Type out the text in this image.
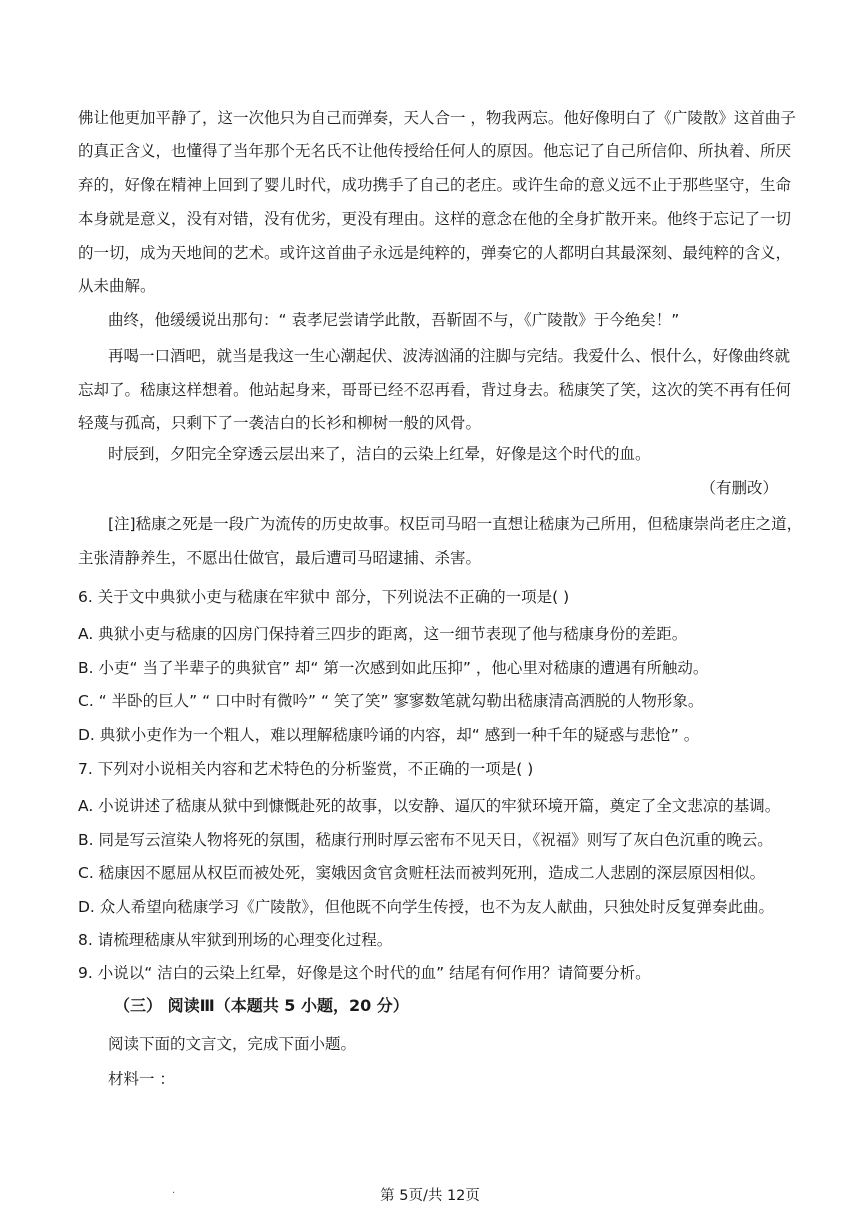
佛让他更加平静了，这一次他只为自己而弹奏，天人合一 ，物我两忘。他好像明白了《广陵散》这首曲子
的真正含义，也懂得了当年那个无名氏不让他传授给任何人的原因。他忘记了自己所信仰、所执着、所厌
弃的，好像在精神上回到了婴儿时代，成功携手了自己的老庄。或许生命的意义远不止于那些坚守，生命
本身就是意义，没有对错，没有优劣，更没有理由。这样的意念在他的全身扩散开来。他终于忘记了一切
的一切，成为天地间的艺术。或许这首曲子永远是纯粹的，弹奏它的人都明白其最深刻、最纯粹的含义，
从未曲解。
曲终，他缓缓说出那句：“ 袁孝尼尝请学此散，吾靳固不与，《广陵散》于今绝矣！”
再喝一口酒吧，就当是我这一生心潮起伏、波涛汹涌的注脚与完结。我爱什么、恨什么，好像曲终就
忘却了。嵇康这样想着。他站起身来，哥哥已经不忍再看，背过身去。嵇康笑了笑，这次的笑不再有任何
轻蔑与孤高，只剩下了一袭洁白的长衫和柳树一般的风骨。
时辰到，夕阳完全穿透云层出来了，洁白的云染上红晕，好像是这个时代的血。
（有删改）
[注]嵇康之死是一段广为流传的历史故事。权臣司马昭一直想让嵇康为己所用，但嵇康崇尚老庄之道，
主张清静养生，不愿出仕做官，最后遭司马昭逮捕、杀害。
6. 关于文中典狱小吏与嵇康在牢狱中 部分，下列说法不正确的一项是( )
A. 典狱小吏与嵇康的囚房门保持着三四步的距离，这一细节表现了他与嵇康身份的差距。
B. 小吏“ 当了半辈子的典狱官” 却“ 第一次感到如此压抑” ，他心里对嵇康的遭遇有所触动。
C. “ 半卧的巨人” “ 口中时有微吟” “ 笑了笑” 寥寥数笔就勾勒出嵇康清高洒脱的人物形象。
D. 典狱小吏作为一个粗人，难以理解嵇康吟诵的内容，却“ 感到一种千年的疑惑与悲怆” 。
7. 下列对小说相关内容和艺术特色的分析鉴赏，不正确的一项是( )
A. 小说讲述了嵇康从狱中到慷慨赴死的故事，以安静、逼仄的牢狱环境开篇，奠定了全文悲凉的基调。
B. 同是写云渲染人物将死的氛围，嵇康行刑时厚云密布不见天日，《祝福》则写了灰白色沉重的晚云。
C. 嵇康因不愿屈从权臣而被处死，窦娥因贪官贪赃枉法而被判死刑，造成二人悲剧的深层原因相似。
D. 众人希望向嵇康学习《广陵散》，但他既不向学生传授，也不为友人献曲，只独处时反复弹奏此曲。
8. 请梳理嵇康从牢狱到刑场的心理变化过程。
9. 小说以“ 洁白的云染上红晕，好像是这个时代的血” 结尾有何作用？请简要分析。
（三） 阅读Ⅲ（本题共 5 小题，20 分）
阅读下面的文言文，完成下面小题。
材料一 ：
.	第 5页/共 12页
